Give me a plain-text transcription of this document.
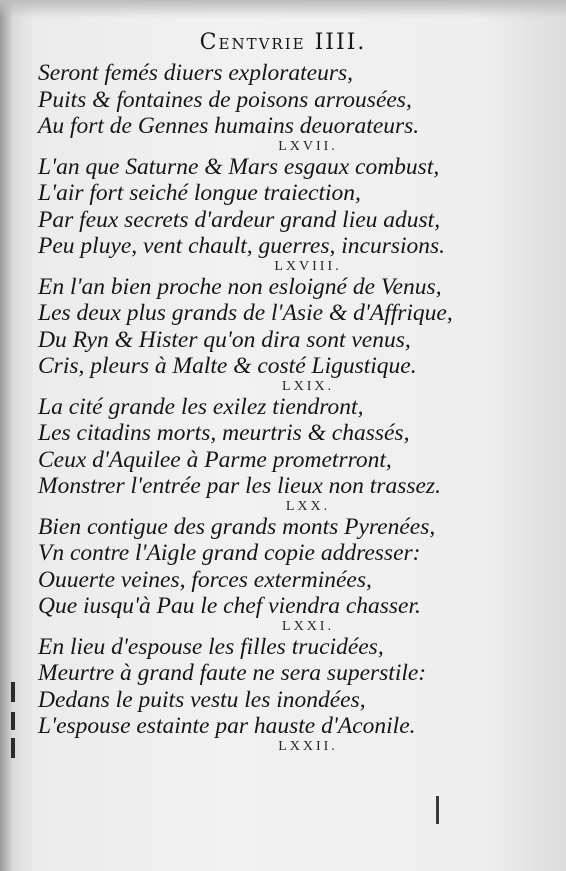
Centvrie IIII.
Seront femés diuers explorateurs,
Puits & fontaines de poisons arrousées,
Au fort de Gennes humains deuorateurs.
LXVII.
L'an que Saturne & Mars esgaux combust,
L'air fort seiché longue traiection,
Par feux secrets d'ardeur grand lieu adust,
Peu pluye, vent chault, guerres, incursions.
LXVIII.
En l'an bien proche non esloigné de Venus,
Les deux plus grands de l'Asie & d'Affrique,
Du Ryn & Hister qu'on dira sont venus,
Cris, pleurs à Malte & costé Ligustique.
LXIX.
La cité grande les exilez tiendront,
Les citadins morts, meurtris & chassés,
Ceux d'Aquilee à Parme prometrront,
Monstrer l'entrée par les lieux non trassez.
LXX.
Bien contigue des grands monts Pyrenées,
Vn contre l'Aigle grand copie addresser:
Ouuerte veines, forces exterminées,
Que iusqu'à Pau le chef viendra chasser.
LXXI.
En lieu d'espouse les filles trucidées,
Meurtre à grand faute ne sera superstile:
Dedans le puits vestu les inondées,
L'espouse estainte par hauste d'Aconile.
LXXII.
